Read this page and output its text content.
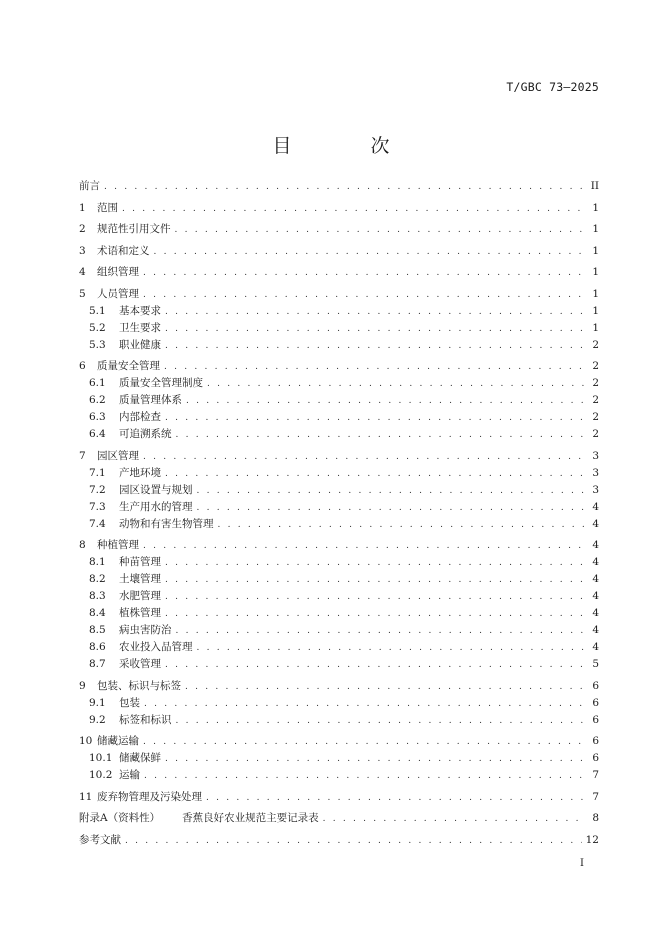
T/GBC 73—2025
目　次
前言 . . .	II
1 范围 . . .	1
2 规范性引用文件 . . .	1
3 术语和定义 . . .	1
4 组织管理 . . .	1
5 人员管理 . . .	1
5.1 基本要求 . . .	1
5.2 卫生要求 . . .	1
5.3 职业健康 . . .	2
6 质量安全管理 . . .	2
6.1 质量安全管理制度 . . .	2
6.2 质量管理体系 . . .	2
6.3 内部检查 . . .	2
6.4 可追溯系统 . . .	2
7 园区管理 . . .	3
7.1 产地环境 . . .	3
7.2 园区设置与规划 . . .	3
7.3 生产用水的管理 . . .	4
7.4 动物和有害生物管理 . . .	4
8 种植管理 . . .	4
8.1 种苗管理 . . .	4
8.2 土壤管理 . . .	4
8.3 水肥管理 . . .	4
8.4 植株管理 . . .	4
8.5 病虫害防治 . . .	4
8.6 农业投入品管理 . . .	4
8.7 采收管理 . . .	5
9 包装、标识与标签 . . .	6
9.1 包装 . . .	6
9.2 标签和标识 . . .	6
10 储藏运输 . . .	6
10.1 储藏保鲜 . . .	6
10.2 运输 . . .	7
11 废弃物管理及污染处理 . . .	7
附录A（资料性） 香蕉良好农业规范主要记录表 . . .	8
参考文献 . . .	12
I
